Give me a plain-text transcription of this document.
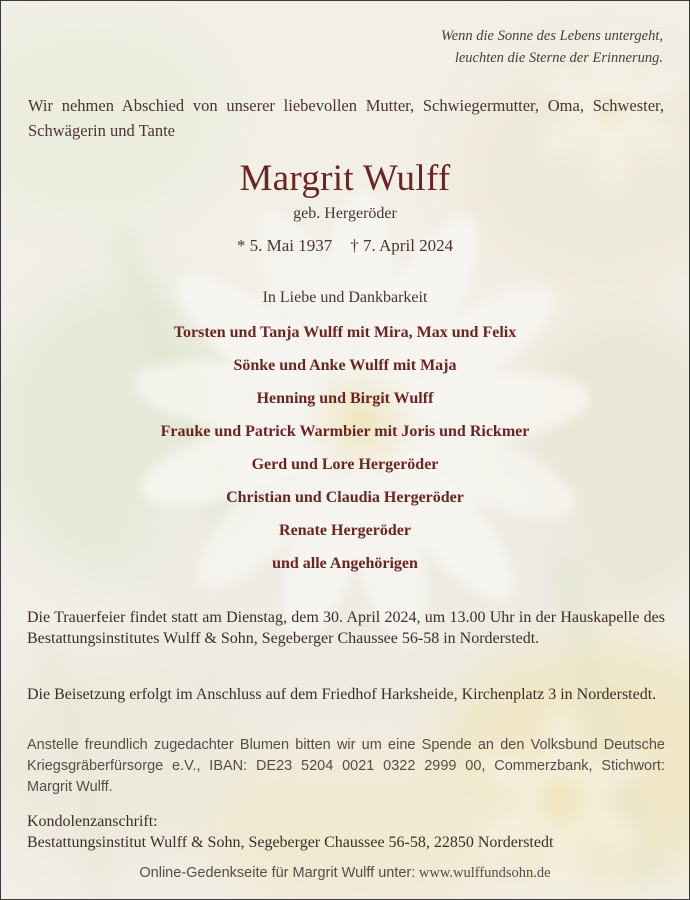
Wenn die Sonne des Lebens untergeht,
leuchten die Sterne der Erinnerung.
Wir nehmen Abschied von unserer liebevollen Mutter, Schwiegermutter, Oma, Schwester, Schwägerin und Tante
Margrit Wulff
geb. Hergeröder
* 5. Mai 1937 † 7. April 2024
In Liebe und Dankbarkeit
Torsten und Tanja Wulff mit Mira, Max und Felix
Sönke und Anke Wulff mit Maja
Henning und Birgit Wulff
Frauke und Patrick Warmbier mit Joris und Rickmer
Gerd und Lore Hergeröder
Christian und Claudia Hergeröder
Renate Hergeröder
und alle Angehörigen
Die Trauerfeier findet statt am Dienstag, dem 30. April 2024, um 13.00 Uhr in der Hauskapelle des Bestattungsinstitutes Wulff & Sohn, Segeberger Chaussee 56-58 in Norderstedt.
Die Beisetzung erfolgt im Anschluss auf dem Friedhof Harksheide, Kirchenplatz 3 in Norderstedt.
Anstelle freundlich zugedachter Blumen bitten wir um eine Spende an den Volksbund Deutsche Kriegsgräberfürsorge e.V., IBAN: DE23 5204 0021 0322 2999 00, Commerzbank, Stichwort: Margrit Wulff.
Kondolenzanschrift:
Bestattungsinstitut Wulff & Sohn, Segeberger Chaussee 56-58, 22850 Norderstedt
Online-Gedenkseite für Margrit Wulff unter: www.wulffundsohn.de
